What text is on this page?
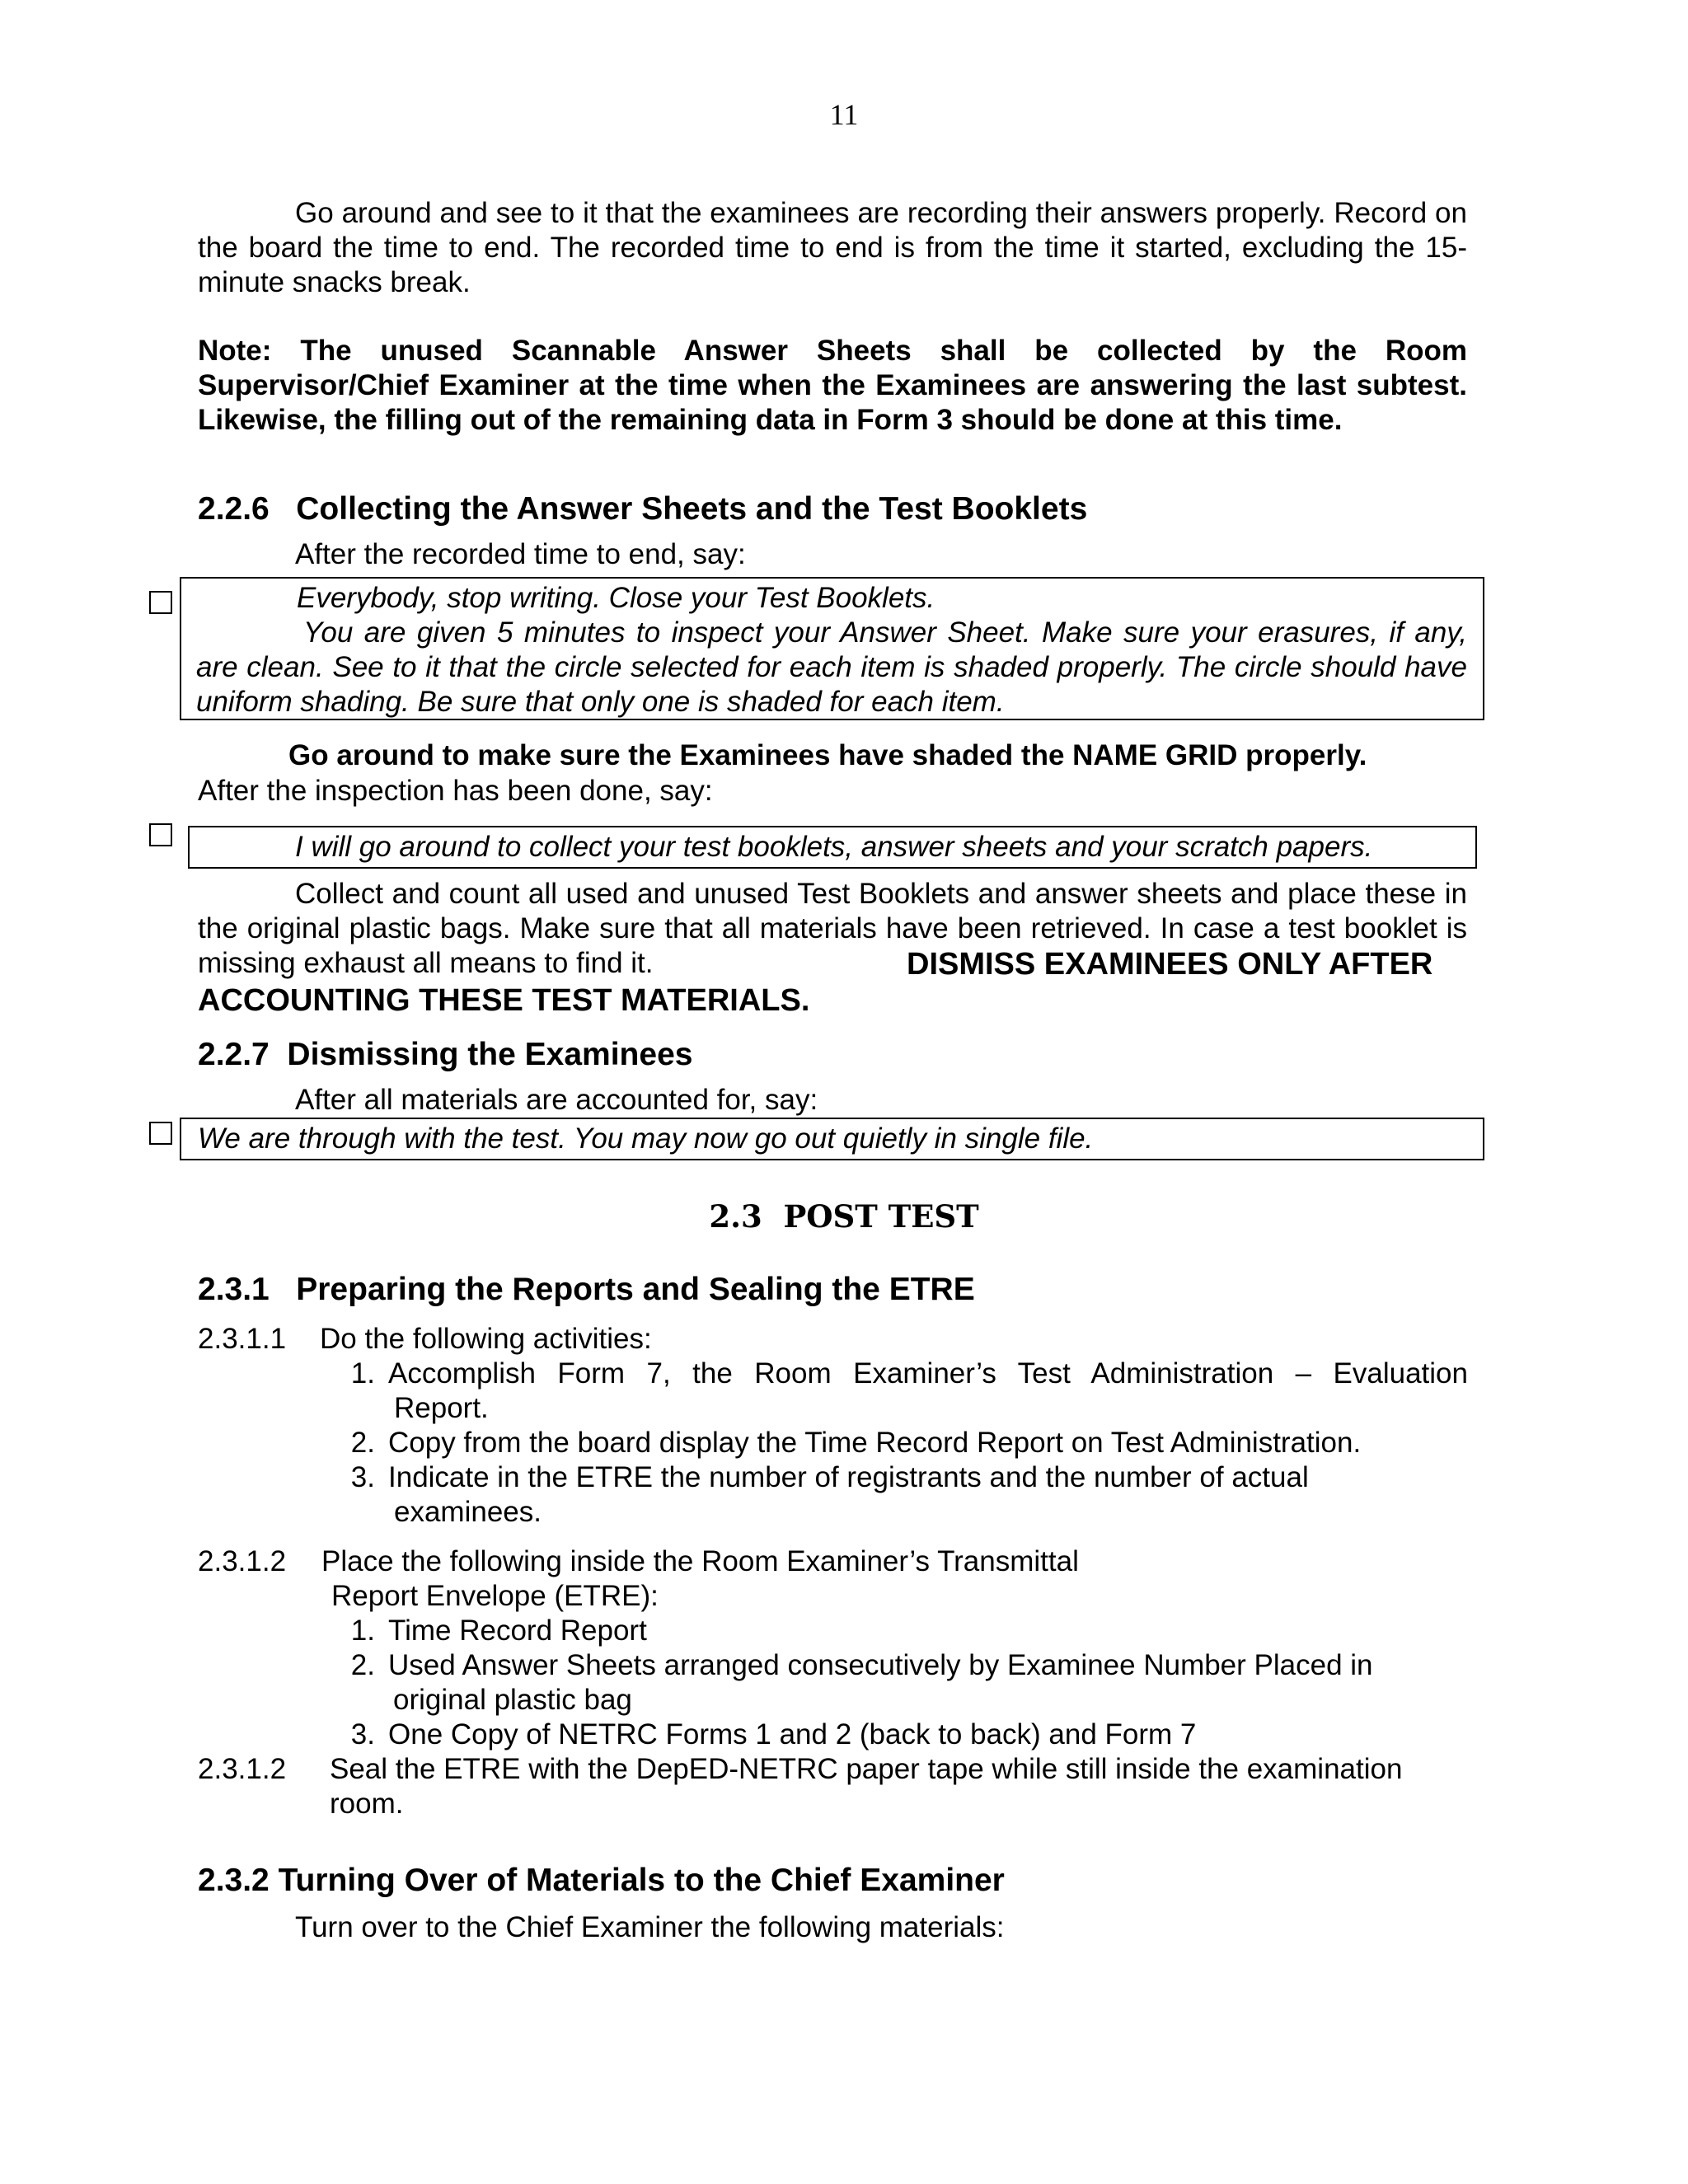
11
Go around and see to it that the examinees are recording their answers properly. Record on the board the time to end. The recorded time to end is from the time it started, excluding the 15-minute snacks break.
Note: The unused Scannable Answer Sheets shall be collected by the Room Supervisor/Chief Examiner at the time when the Examinees are answering the last subtest. Likewise, the filling out of the remaining data in Form 3 should be done at this time.
2.2.6   Collecting the Answer Sheets and the Test Booklets
After the recorded time to end, say:
Everybody, stop writing. Close your Test Booklets.
You are given 5 minutes to inspect your Answer Sheet. Make sure your erasures, if any, are clean. See to it that the circle selected for each item is shaded properly. The circle should have uniform shading. Be sure that only one is shaded for each item.
Go around to make sure the Examinees have shaded the NAME GRID properly.
After the inspection has been done, say:
I will go around to collect your test booklets, answer sheets and your scratch papers.
Collect and count all used and unused Test Booklets and answer sheets and place these in the original plastic bags. Make sure that all materials have been retrieved. In case a test booklet is missing exhaust all means to find it.	DISMISS EXAMINEES ONLY AFTER
ACCOUNTING THESE TEST MATERIALS.
2.2.7  Dismissing the Examinees
After all materials are accounted for, say:
We are through with the test. You may now go out quietly in single file.
2.3  POST TEST
2.3.1   Preparing the Reports and Sealing the ETRE
2.3.1.1 Do the following activities:
1. Accomplish Form 7, the Room Examiner’s Test Administration – Evaluation
Report.
2. Copy from the board display the Time Record Report on Test Administration.
3. Indicate in the ETRE the number of registrants and the number of actual
examinees.
2.3.1.2 Place the following inside the Room Examiner’s Transmittal
Report Envelope (ETRE):
1. Time Record Report
2. Used Answer Sheets arranged consecutively by Examinee Number Placed in
original plastic bag
3. One Copy of NETRC Forms 1 and 2 (back to back) and Form 7
2.3.1.2 Seal the ETRE with the DepED-NETRC paper tape while still inside the examination
room.
2.3.2 Turning Over of Materials to the Chief Examiner
Turn over to the Chief Examiner the following materials:
